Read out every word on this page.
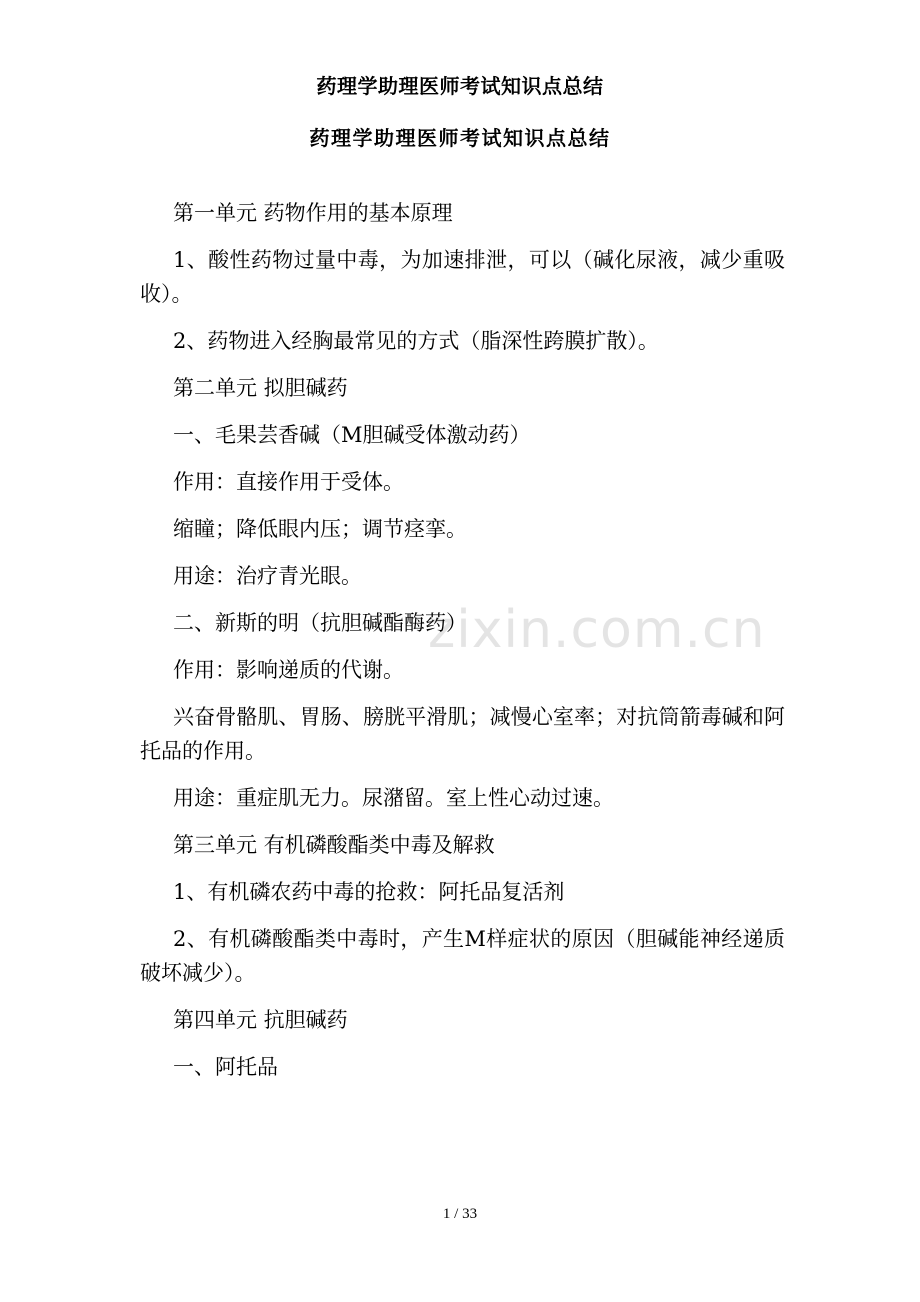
zixin.com.cn
药理学助理医师考试知识点总结
药理学助理医师考试知识点总结

第一单元 药物作用的基本原理

1、酸性药物过量中毒，为加速排泄，可以（碱化尿液，减少重吸收）。

2、药物进入经胸最常见的方式（脂深性跨膜扩散）。

第二单元 拟胆碱药

一、毛果芸香碱（M胆碱受体激动药）

作用：直接作用于受体。

缩瞳；降低眼内压；调节痉挛。

用途：治疗青光眼。

二、新斯的明（抗胆碱酯酶药）

作用：影响递质的代谢。

兴奋骨骼肌、胃肠、膀胱平滑肌；减慢心室率；对抗筒箭毒碱和阿托品的作用。

用途：重症肌无力。尿潴留。室上性心动过速。

第三单元 有机磷酸酯类中毒及解救

1、有机磷农药中毒的抢救：阿托品复活剂

2、有机磷酸酯类中毒时，产生M样症状的原因（胆碱能神经递质破坏减少）。

第四单元 抗胆碱药

一、阿托品

1 / 33
